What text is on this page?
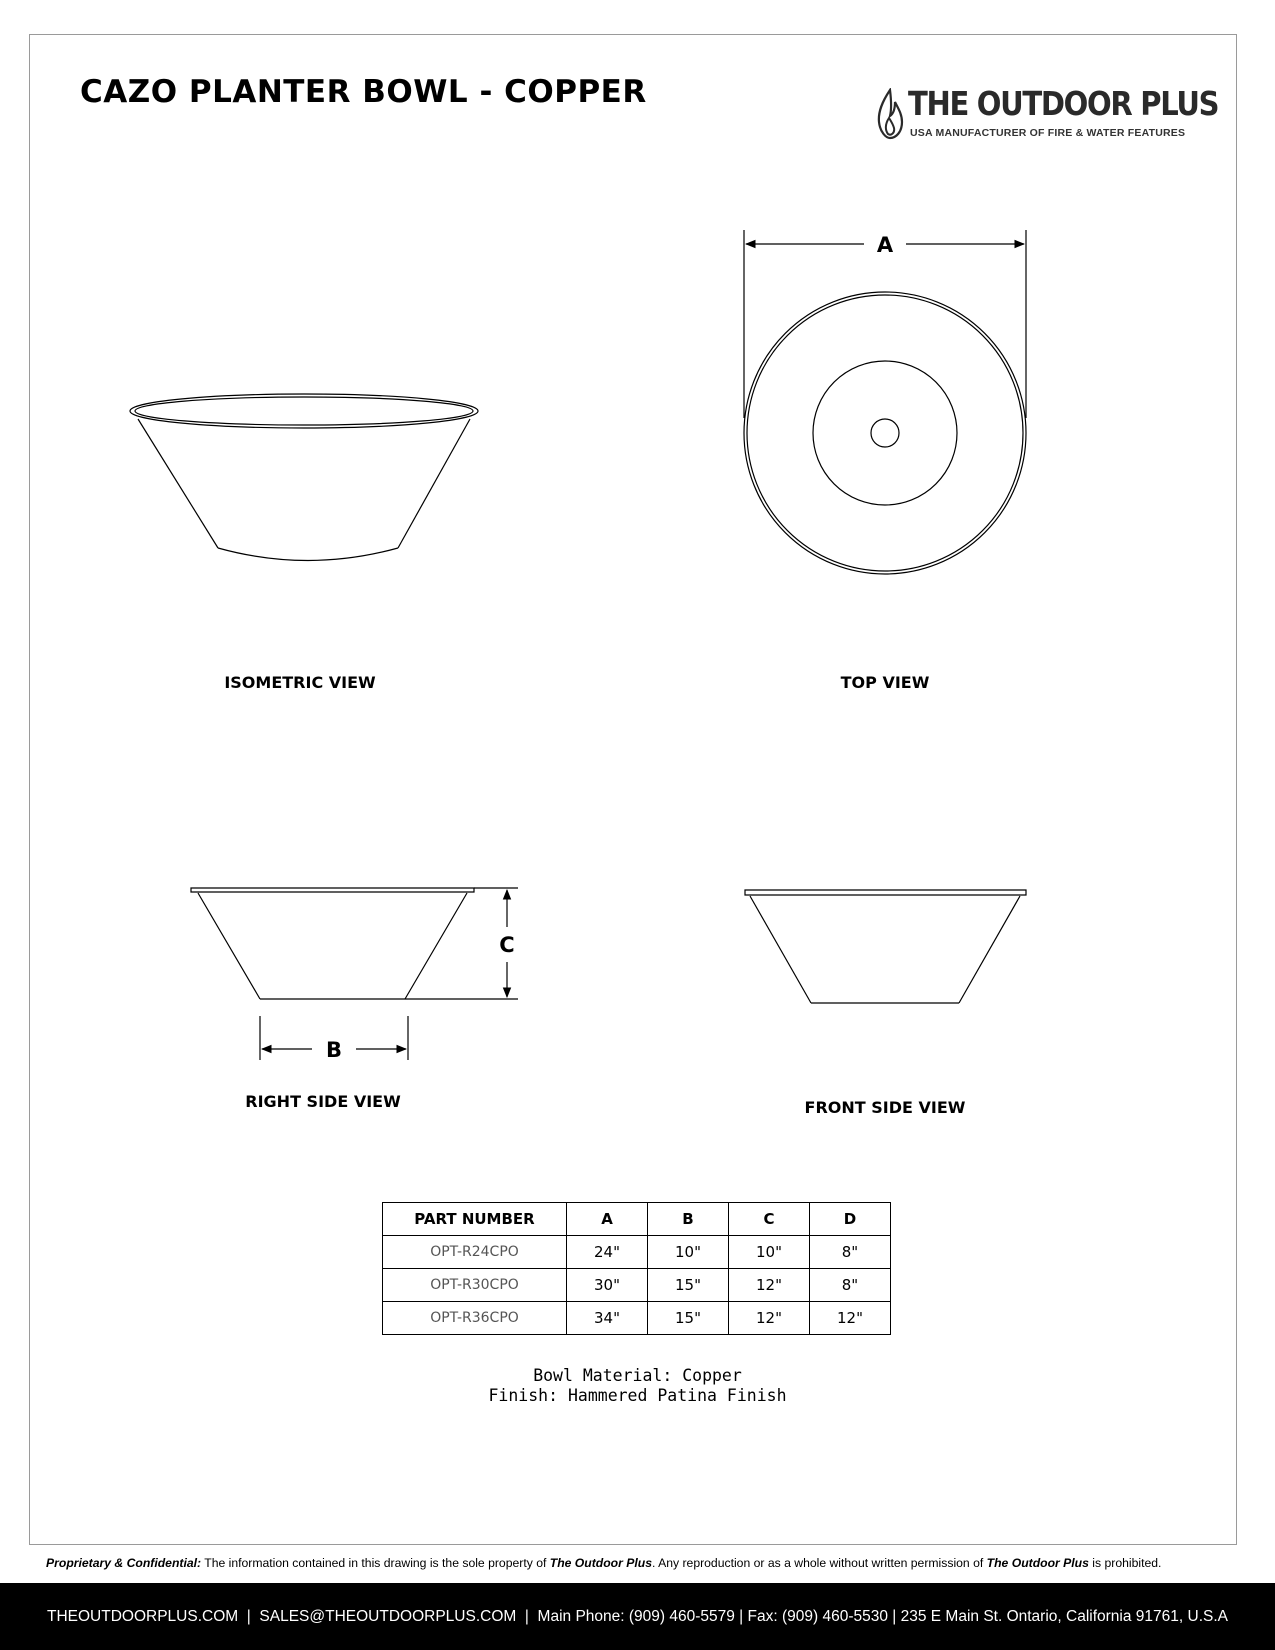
CAZO PLANTER BOWL - COPPER	THE OUTDOOR PLUS
USA MANUFACTURER OF FIRE & WATER FEATURES
A
C
B
ISOMETRIC VIEW	TOP VIEW
RIGHT SIDE VIEW	FRONT SIDE VIEW
PART NUMBER	A	B	C	D
OPT-R24CPO	24"	10"	10"	8"
OPT-R30CPO	30"	15"	12"	8"
OPT-R36CPO	34"	15"	12"	12"
Bowl Material: Copper
Finish: Hammered Patina Finish
Proprietary & Confidential: The information contained in this drawing is the sole property of The Outdoor Plus. Any reproduction or as a whole without written permission of The Outdoor Plus is prohibited.
THEOUTDOORPLUS.COM  |  SALES@THEOUTDOORPLUS.COM  |  Main Phone: (909) 460-5579 | Fax: (909) 460-5530 | 235 E Main St. Ontario, California 91761, U.S.A
